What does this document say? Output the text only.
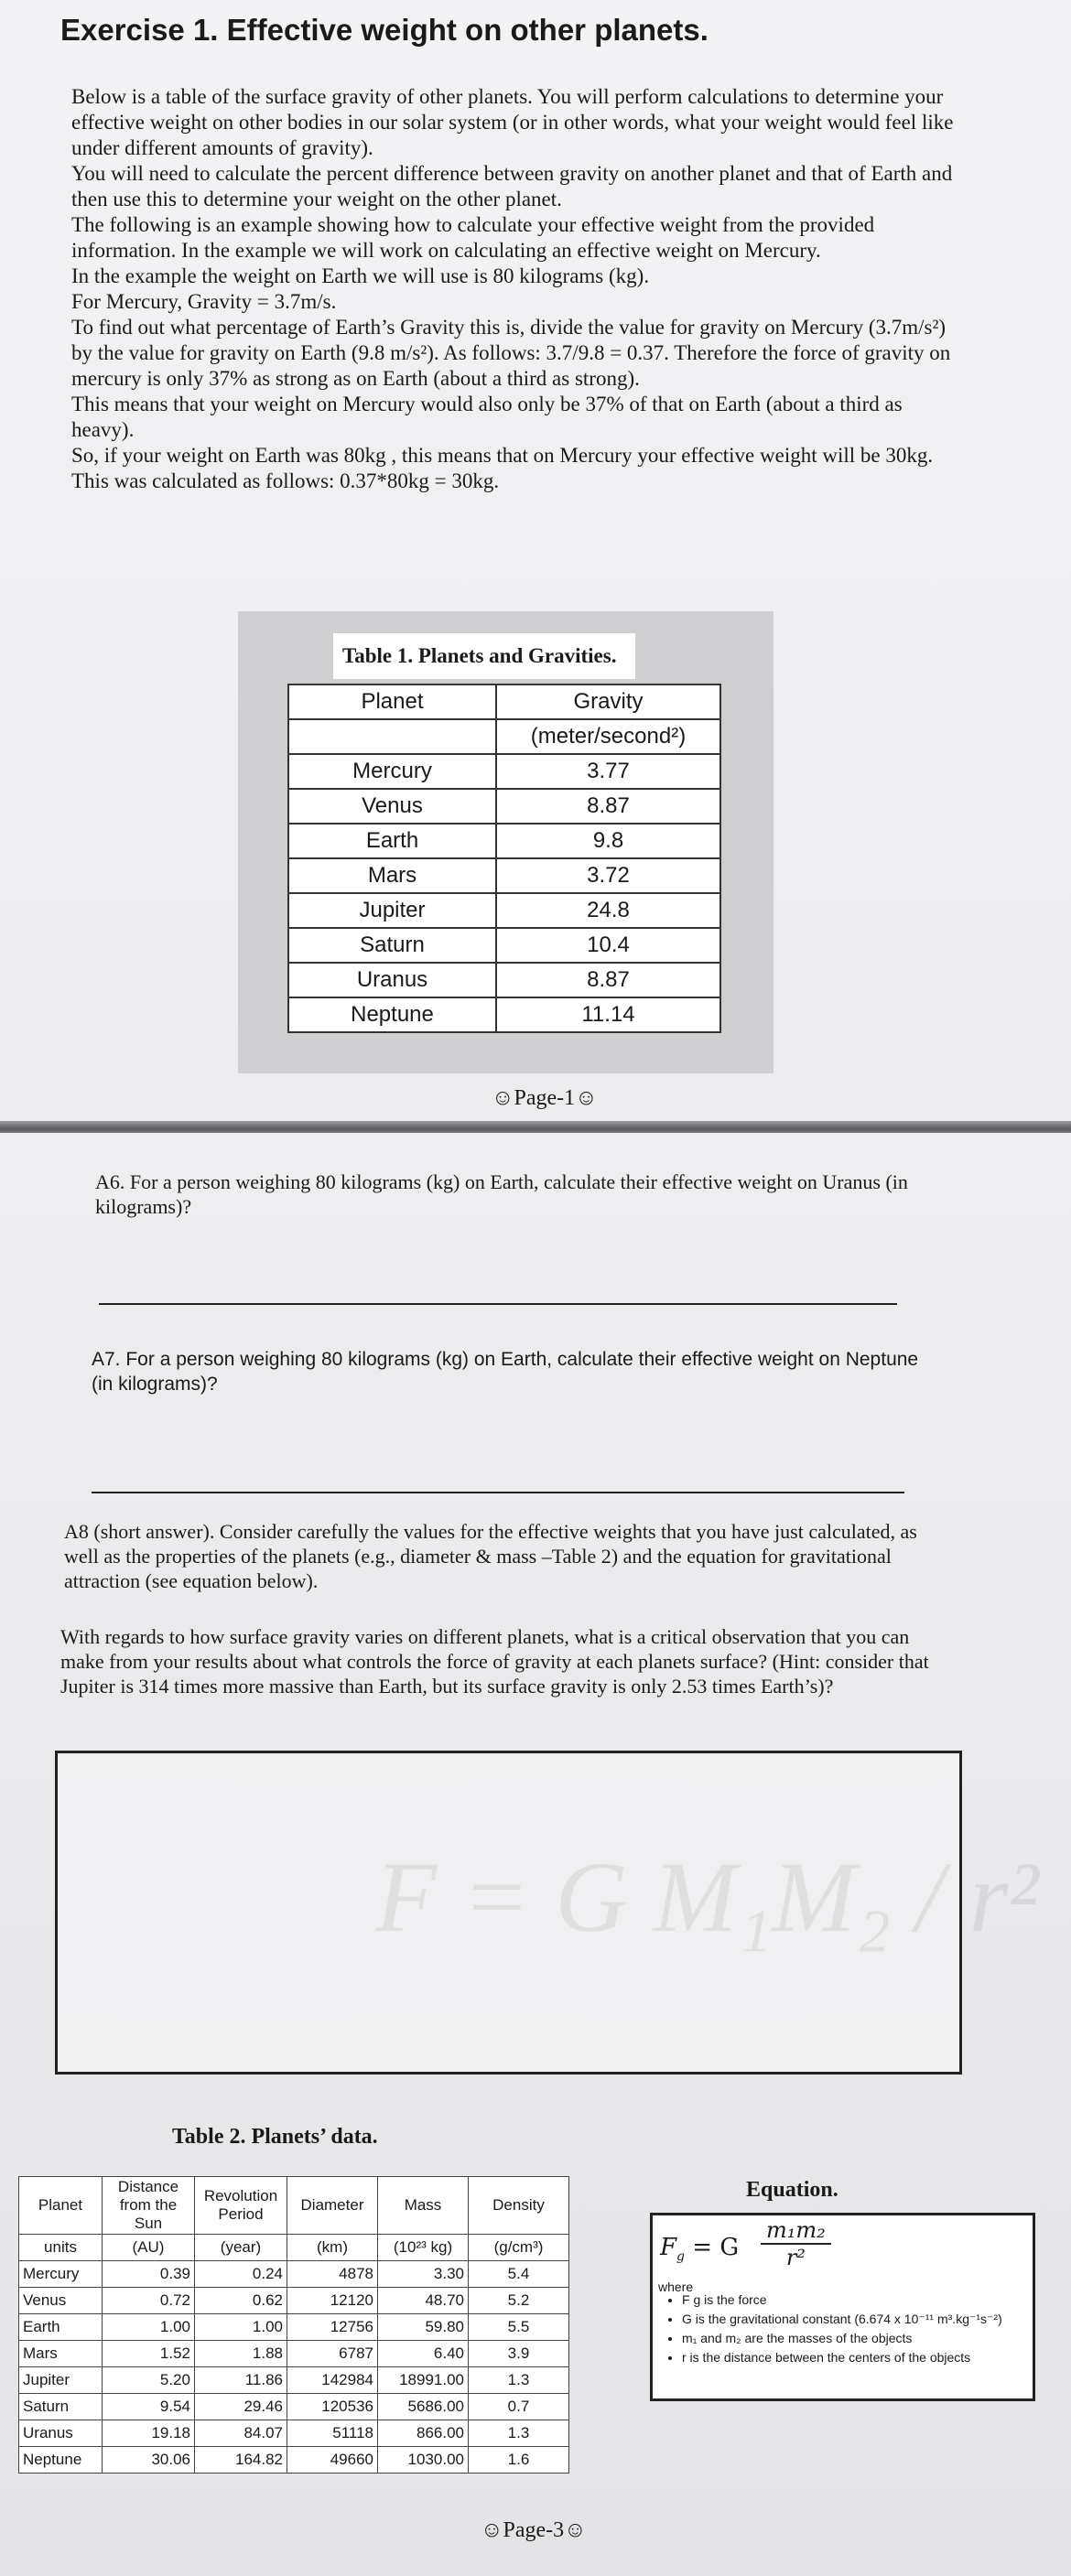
Exercise 1. Effective weight on other planets.

Below is a table of the surface gravity of other planets. You will perform calculations to determine your effective weight on other bodies in our solar system (or in other words, what your weight would feel like under different amounts of gravity).

You will need to calculate the percent difference between gravity on another planet and that of Earth and then use this to determine your weight on the other planet.

The following is an example showing how to calculate your effective weight from the provided information. In the example we will work on calculating an effective weight on Mercury.

In the example the weight on Earth we will use is 80 kilograms (kg).

For Mercury, Gravity = 3.7m/s.

To find out what percentage of Earth’s Gravity this is, divide the value for gravity on Mercury (3.7m/s²) by the value for gravity on Earth (9.8 m/s²). As follows: 3.7/9.8 = 0.37. Therefore the force of gravity on mercury is only 37% as strong as on Earth (about a third as strong).

This means that your weight on Mercury would also only be 37% of that on Earth (about a third as heavy).

So, if your weight on Earth was 80kg , this means that on Mercury your effective weight will be 30kg. This was calculated as follows: 0.37*80kg = 30kg.

Table 1. Planets and Gravities.
Planet	Gravity
	(meter/second²)
Mercury	3.77
Venus	8.87
Earth	9.8
Mars	3.72
Jupiter	24.8
Saturn	10.4
Uranus	8.87
Neptune	11.14
☺Page-1☺
A6. For a person weighing 80 kilograms (kg) on Earth, calculate their effective weight on Uranus (in kilograms)?
A7. For a person weighing 80 kilograms (kg) on Earth, calculate their effective weight on Neptune (in kilograms)?
A8 (short answer). Consider carefully the values for the effective weights that you have just calculated, as well as the properties of the planets (e.g., diameter & mass –Table 2) and the equation for gravitational attraction (see equation below).
With regards to how surface gravity varies on different planets, what is a critical observation that you can make from your results about what controls the force of gravity at each planets surface? (Hint: consider that Jupiter is 314 times more massive than Earth, but its surface gravity is only 2.53 times Earth’s)?
F = G M₁M₂ / r²
Table 2. Planets’ data.
Planet	Distance from the Sun	Revolution Period	Diameter	Mass	Density
units	(AU)	(year)	(km)	(10²³ kg)	(g/cm³)
Mercury	0.39	0.24	4878	3.30	5.4
Venus	0.72	0.62	12120	48.70	5.2
Earth	1.00	1.00	12756	59.80	5.5
Mars	1.52	1.88	6787	6.40	3.9
Jupiter	5.20	11.86	142984	18991.00	1.3
Saturn	9.54	29.46	120536	5686.00	0.7
Uranus	19.18	84.07	51118	866.00	1.3
Neptune	30.06	164.82	49660	1030.00	1.6
Equation.
$F_g = G \frac{\text{m₁m₂}}{\text{r²}}$
where
• F g is the force
• G is the gravitational constant (6.674 x 10⁻¹¹ m³.kg⁻¹s⁻²)
• m₁ and m₂ are the masses of the objects
• r is the distance between the centers of the objects
☺Page-3☺
